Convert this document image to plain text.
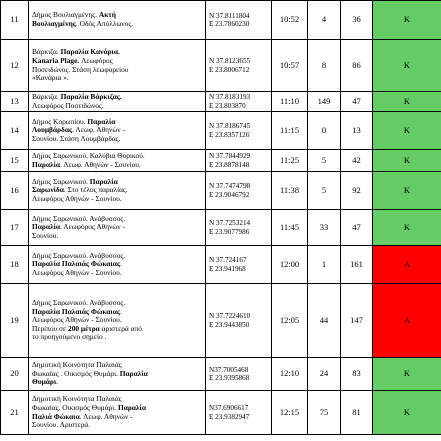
11	Δήμος Βουλιαγμένης. Ακτή
Βουλιαγμένης. Οδός Απόλλωνος.	N 37.8111804
E 23.7860230	10:52	4	36	K
12	Βάρκιζα. Παραλία Κανάρια.
Kanaria Plage. Λεωφόρος
Ποσειδώνος. Στάση λεωφορείου
«Κανάρια ».	N 37.8123655
E 23.8006712	10:57	8	86	K
13	Βάρκιζα. Παραλία Βάρκιζας.
Λεωφόρος Ποσειδώνος.	N 37.8183193
E 23.803870	11:10	149	47	K
14	Δήμος Κορωπίου. Παραλία
Λουμβάρδας. Λεωφ. Αθηνών -
Σουνίου. Στάση Λουμβάρδας.	N 37.8186745
E 23.8357126	11:15	0	13	K
15	Δήμος Σαρωνικού. Καλύβια Θορικού.
Παραλία. Λεωφ. Αθηνών - Σουνίου.	N 37.7844929
E 23.8878148	11:25	5	42	K
16	Δήμος Σαρωνικού. Παραλία
Σαρωνίδα. Στο τέλος παραλίας.
Λεωφόρος Αθηνών - Σουνίου.	N 37.7474798
E 23.9046792	11:38	5	92	K
17	Δήμος Σαρωνικού. Ανάβυσσος.
Παραλία. Λεωφόρος Αθηνών -
Σουνίου.	N 37.7253214
E 23.9077986	11:45	33	47	K
18	Δήμος Σαρωνικού. Ανάβυσσος.
Παραλία Παλαιάς Φώκαιας.
Λεωφόρος Αθηνών - Σουνίου.	N 37.724167
E 23.941968	12:00	1	161	A
19	Δήμος Σαρωνικού. Ανάβυσσος.
Παραλία Παλαιάς Φώκαιας.
Λεωφόρος Αθηνών - Σουνίου.
Περίπου σε 200 μέτρα αριστερά από
το προηγούμενο σημείο .	N 37.7224610
E 23.9443850	12:05	44	147	A
20	Δημοτική Κοινότητα Παλαιάς
Φωκαίας . Οικισμός Θυμάρι. Παραλία
Θυμάρι.	N37.7005468
E 23.9395868	12:10	24	83	K
21	Δημοτική Κοινότητα Παλαιάς
Φωκαίας. Οικισμός Θυμάρι. Παραλία
Παλιά Φώκαια. Λεωφ. Αθηνών -
Σουνίου. Αριστερά.	N37.6906617
E 23.9382947	12:15	75	81	K
